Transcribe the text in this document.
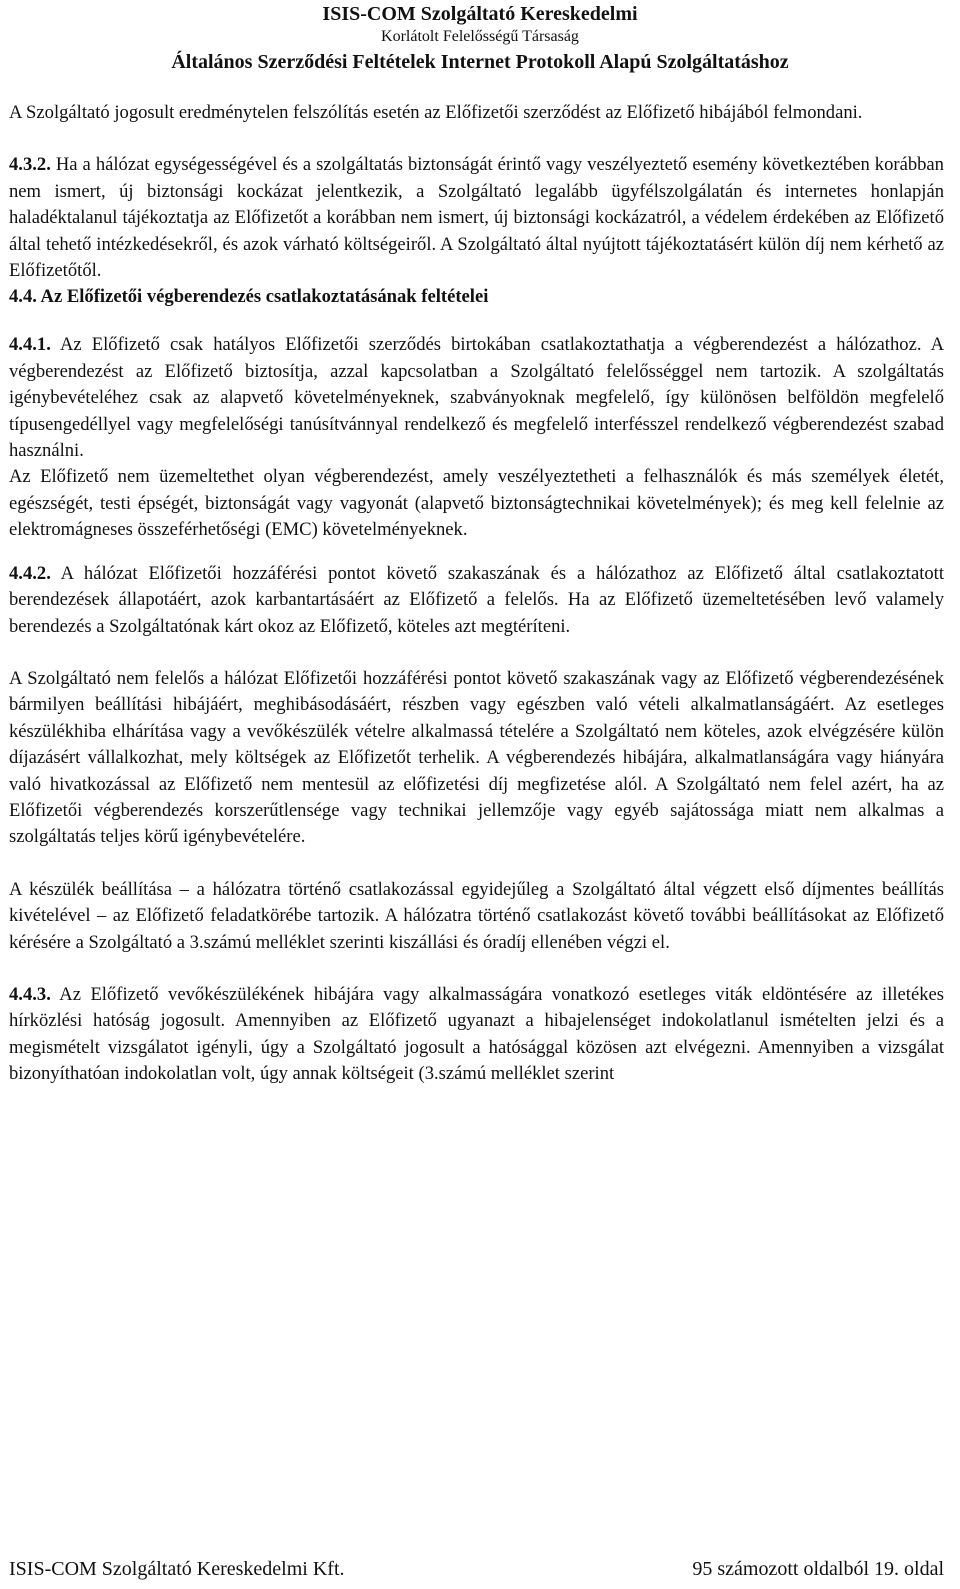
ISIS-COM Szolgáltató Kereskedelmi
Korlátolt Felelősségű Társaság
Általános Szerződési Feltételek Internet Protokoll Alapú Szolgáltatáshoz

A Szolgáltató jogosult eredménytelen felszólítás esetén az Előfizetői szerződést az Előfizető hibájából felmondani.

4.3.2. Ha a hálózat egységességével és a szolgáltatás biztonságát érintő vagy veszélyeztető esemény következtében korábban nem ismert, új biztonsági kockázat jelentkezik, a Szolgáltató legalább ügyfélszolgálatán és internetes honlapján haladéktalanul tájékoztatja az Előfizetőt a korábban nem ismert, új biztonsági kockázatról, a védelem érdekében az Előfizető által tehető intézkedésekről, és azok várható költségeiről. A Szolgáltató által nyújtott tájékoztatásért külön díj nem kérhető az Előfizetőtől.

4.4. Az Előfizetői végberendezés csatlakoztatásának feltételei

4.4.1. Az Előfizető csak hatályos Előfizetői szerződés birtokában csatlakoztathatja a végberendezést a hálózathoz. A végberendezést az Előfizető biztosítja, azzal kapcsolatban a Szolgáltató felelősséggel nem tartozik. A szolgáltatás igénybevételéhez csak az alapvető követelményeknek, szabványoknak megfelelő, így különösen belföldön megfelelő típusengedéllyel vagy megfelelőségi tanúsítvánnyal rendelkező és megfelelő interfésszel rendelkező végberendezést szabad használni.

Az Előfizető nem üzemeltethet olyan végberendezést, amely veszélyeztetheti a felhasználók és más személyek életét, egészségét, testi épségét, biztonságát vagy vagyonát (alapvető biztonságtechnikai követelmények); és meg kell felelnie az elektromágneses összeférhetőségi (EMC) követelményeknek.

4.4.2. A hálózat Előfizetői hozzáférési pontot követő szakaszának és a hálózathoz az Előfizető által csatlakoztatott berendezések állapotáért, azok karbantartásáért az Előfizető a felelős. Ha az Előfizető üzemeltetésében levő valamely berendezés a Szolgáltatónak kárt okoz az Előfizető, köteles azt megtéríteni.

A Szolgáltató nem felelős a hálózat Előfizetői hozzáférési pontot követő szakaszának vagy az Előfizető végberendezésének bármilyen beállítási hibájáért, meghibásodásáért, részben vagy egészben való vételi alkalmatlanságáért. Az esetleges készülékhiba elhárítása vagy a vevőkészülék vételre alkalmassá tételére a Szolgáltató nem köteles, azok elvégzésére külön díjazásért vállalkozhat, mely költségek az Előfizetőt terhelik. A végberendezés hibájára, alkalmatlanságára vagy hiányára való hivatkozással az Előfizető nem mentesül az előfizetési díj megfizetése alól. A Szolgáltató nem felel azért, ha az Előfizetői végberendezés korszerűtlensége vagy technikai jellemzője vagy egyéb sajátossága miatt nem alkalmas a szolgáltatás teljes körű igénybevételére.

A készülék beállítása – a hálózatra történő csatlakozással egyidejűleg a Szolgáltató által végzett első díjmentes beállítás kivételével – az Előfizető feladatkörébe tartozik. A hálózatra történő csatlakozást követő további beállításokat az Előfizető kérésére a Szolgáltató a 3.számú melléklet szerinti kiszállási és óradíj ellenében végzi el.

4.4.3. Az Előfizető vevőkészülékének hibájára vagy alkalmasságára vonatkozó esetleges viták eldöntésére az illetékes hírközlési hatóság jogosult. Amennyiben az Előfizető ugyanazt a hibajelenséget indokolatlanul ismételten jelzi és a megismételt vizsgálatot igényli, úgy a Szolgáltató jogosult a hatósággal közösen azt elvégezni. Amennyiben a vizsgálat bizonyíthatóan indokolatlan volt, úgy annak költségeit (3.számú melléklet szerint

ISIS-COM Szolgáltató Kereskedelmi Kft.	95 számozott oldalból 19. oldal
